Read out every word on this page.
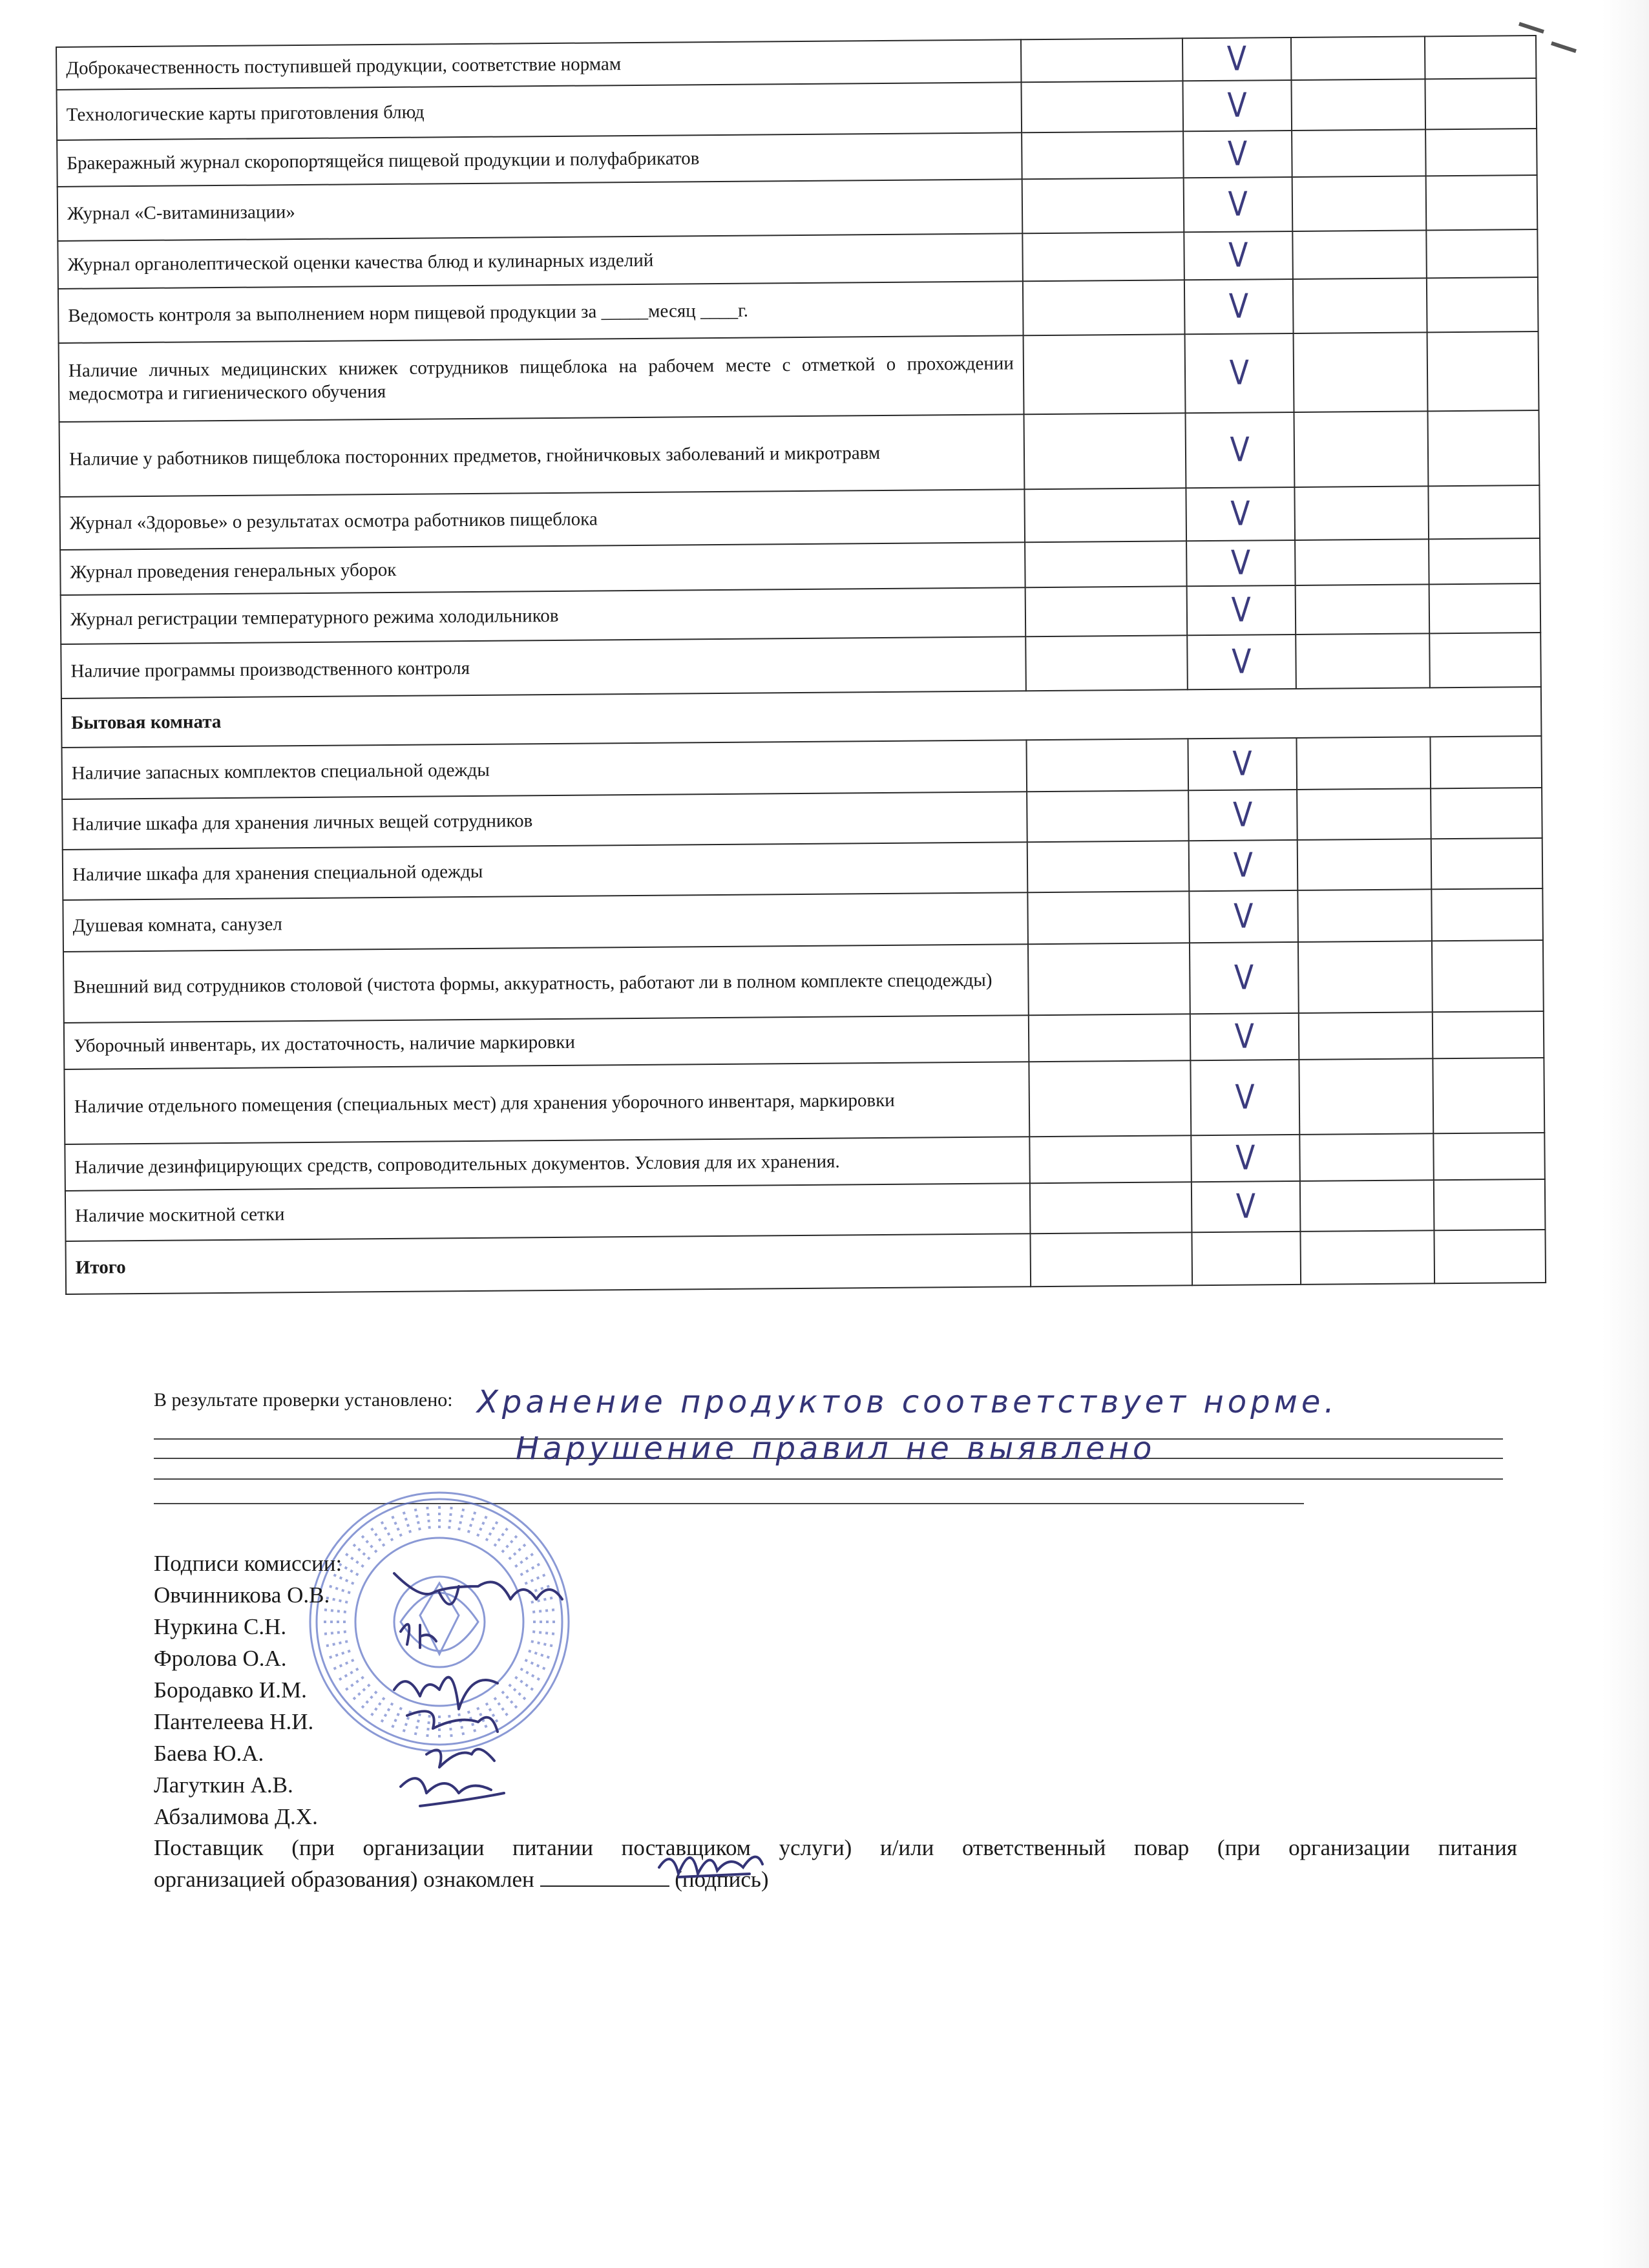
Доброкачественность поступившей продукции, соответствие нормам		V		
Технологические карты приготовления блюд		V		
Бракеражный журнал скоропортящейся пищевой продукции и полуфабрикатов		V		
Журнал «С-витаминизации»		V		
Журнал органолептической оценки качества блюд и кулинарных изделий		V		
Ведомость контроля за выполнением норм пищевой продукции за _____месяц ____г.		V		
Наличие личных медицинских книжек сотрудников пищеблока на рабочем месте с отметкой о прохождении медосмотра и гигиенического обучения		V		
Наличие у работников пищеблока посторонних предметов, гнойничковых заболеваний и микротравм		V		
Журнал «Здоровье» о результатах осмотра работников пищеблока		V		
Журнал проведения генеральных уборок		V		
Журнал регистрации температурного режима холодильников		V		
Наличие программы производственного контроля		V		
Бытовая комната				
Наличие запасных комплектов специальной одежды		V		
Наличие шкафа для хранения личных вещей сотрудников		V		
Наличие шкафа для хранения специальной одежды		V		
Душевая комната, санузел		V		
Внешний вид сотрудников столовой (чистота формы, аккуратность, работают ли в полном комплекте спецодежды)		V		
Уборочный инвентарь, их достаточность, наличие маркировки		V		
Наличие отдельного помещения (специальных мест) для хранения уборочного инвентаря, маркировки		V		
Наличие дезинфицирующих средств, сопроводительных документов. Условия для их хранения.		V		
Наличие москитной сетки		V		
Итого				
В результате проверки установлено: Хранение продуктов соответствует норме.
Нарушение правил не выявлено
Подписи комиссии:
Овчинникова О.В.
Нуркина С.Н.
Фролова О.А.
Бородавко И.М.
Пантелеева Н.И.
Баева Ю.А.
Лагуткин А.В.
Абзалимова Д.Х.
Поставщик (при организации питании поставщиком услуги) и/или ответственный повар (при организации питания
организацией образования) ознакомлен	(подпись)
